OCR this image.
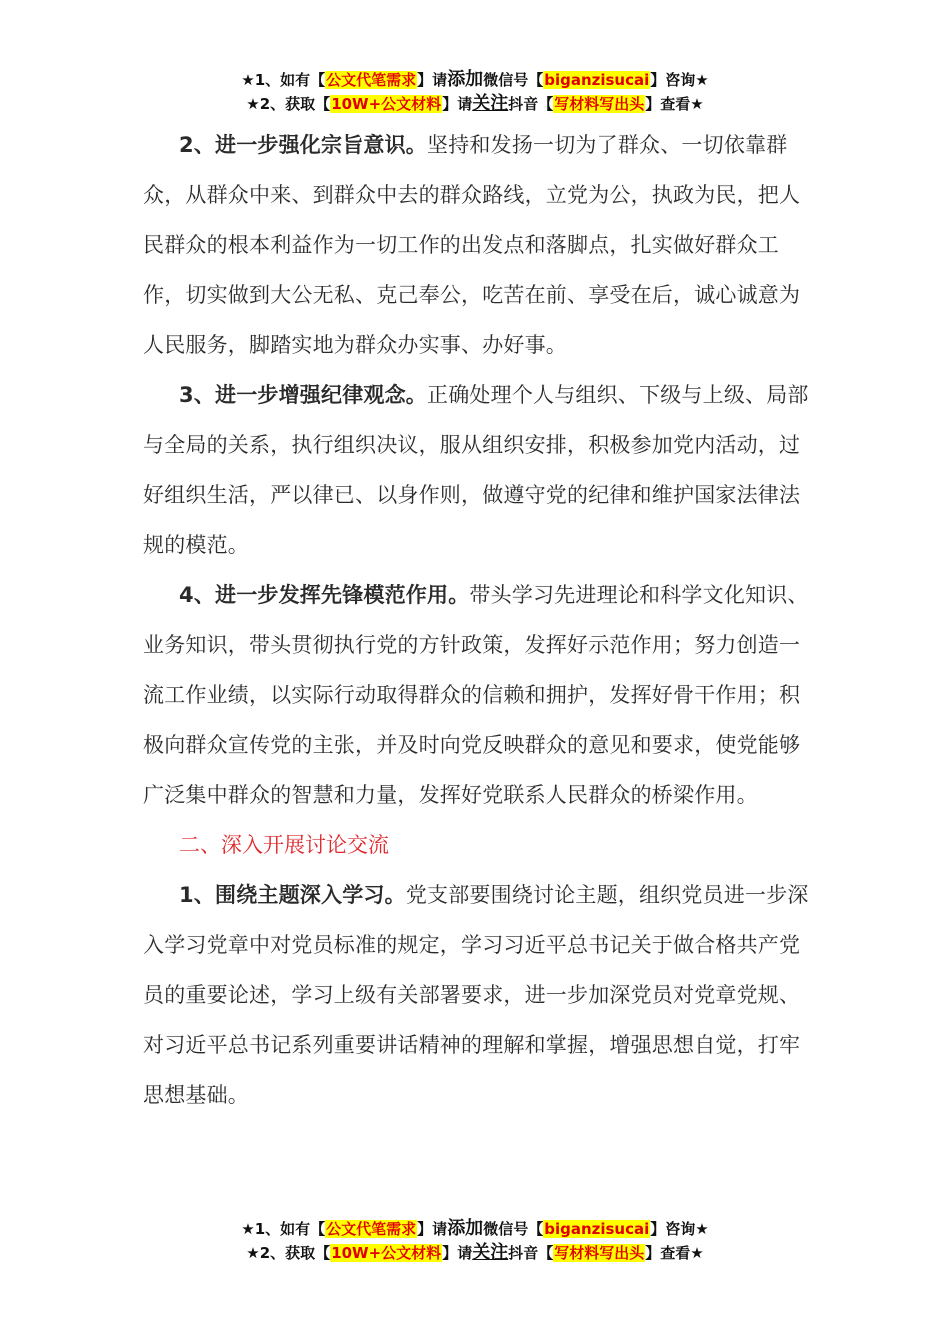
★1、如有【公文代笔需求】请添加微信号【biganzisucai】咨询★
★2、获取【10W+公文材料】请关注抖音【写材料写出头】查看★

2、进一步强化宗旨意识。坚持和发扬一切为了群众、一切依靠群众，从群众中来、到群众中去的群众路线，立党为公，执政为民，把人民群众的根本利益作为一切工作的出发点和落脚点，扎实做好群众工作，切实做到大公无私、克己奉公，吃苦在前、享受在后，诚心诚意为人民服务，脚踏实地为群众办实事、办好事。

3、进一步增强纪律观念。正确处理个人与组织、下级与上级、局部与全局的关系，执行组织决议，服从组织安排，积极参加党内活动，过好组织生活，严以律已、以身作则，做遵守党的纪律和维护国家法律法规的模范。

4、进一步发挥先锋模范作用。带头学习先进理论和科学文化知识、业务知识，带头贯彻执行党的方针政策，发挥好示范作用；努力创造一流工作业绩，以实际行动取得群众的信赖和拥护，发挥好骨干作用；积极向群众宣传党的主张，并及时向党反映群众的意见和要求，使党能够广泛集中群众的智慧和力量，发挥好党联系人民群众的桥梁作用。

二、深入开展讨论交流

1、围绕主题深入学习。党支部要围绕讨论主题，组织党员进一步深入学习党章中对党员标准的规定，学习习近平总书记关于做合格共产党员的重要论述，学习上级有关部署要求，进一步加深党员对党章党规、对习近平总书记系列重要讲话精神的理解和掌握，增强思想自觉，打牢思想基础。

★1、如有【公文代笔需求】请添加微信号【biganzisucai】咨询★
★2、获取【10W+公文材料】请关注抖音【写材料写出头】查看★
